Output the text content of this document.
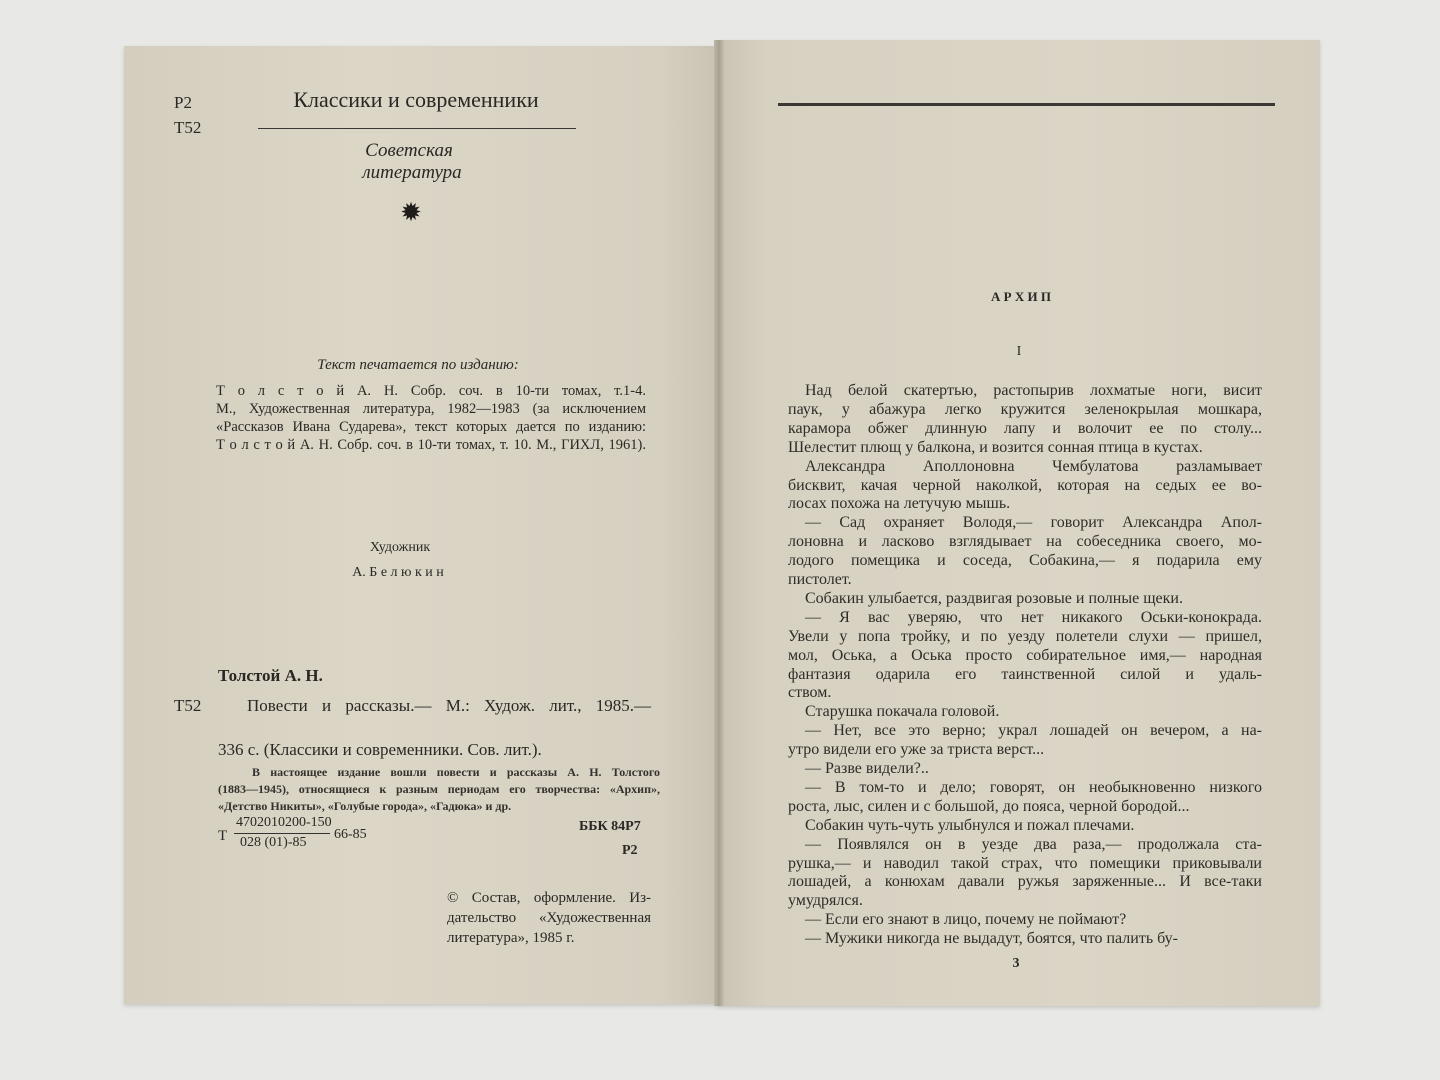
Р2
Т52
Классики и современники
Советская
литература
✹
Текст печатается по изданию:
Т о л с т о й А. Н. Собр. соч. в 10-ти томах, т.1-4.
М., Художественная литература, 1982—1983 (за исключением
«Рассказов Ивана Сударева», текст которых дается по изданию:
Т о л с т о й А. Н. Собр. соч. в 10-ти томах, т. 10. М., ГИХЛ, 1961).
Художник
А. Б е л ю к и н
Толстой А. Н.
Т52	Повести и рассказы.— М.: Худож. лит., 1985.—
336 с. (Классики и современники. Сов. лит.).
В настоящее издание вошли повести и рассказы А. Н. Толстого
(1883—1945), относящиеся к разным периодам его творчества: «Архип»,
«Детство Никиты», «Голубые города», «Гадюка» и др.
Т
4702010200-150
028 (01)-85
66-85
ББК 84Р7
Р2
© Состав, оформление. Из-
дательство «Художественная
литература», 1985 г.
А Р Х И П
I
Над белой скатертью, растопырив лохматые ноги, висит
паук, у абажура легко кружится зеленокрылая мошкара,
карамора обжег длинную лапу и волочит ее по столу...
Шелестит плющ у балкона, и возится сонная птица в кустах.
Александра Аполлоновна Чембулатова разламывает
бисквит, качая черной наколкой, которая на седых ее во-
лосах похожа на летучую мышь.
— Сад охраняет Володя,— говорит Александра Апол-
лоновна и ласково взглядывает на собеседника своего, мо-
лодого помещика и соседа, Собакина,— я подарила ему
пистолет.
Собакин улыбается, раздвигая розовые и полные щеки.
— Я вас уверяю, что нет никакого Оськи-конокрада.
Увели у попа тройку, и по уезду полетели слухи — пришел,
мол, Оська, а Оська просто собирательное имя,— народная
фантазия одарила его таинственной силой и удаль-
ством.
Старушка покачала головой.
— Нет, все это верно; украл лошадей он вечером, а на-
утро видели его уже за триста верст...
— Разве видели?..
— В том-то и дело; говорят, он необыкновенно низкого
роста, лыс, силен и с большой, до пояса, черной бородой...
Собакин чуть-чуть улыбнулся и пожал плечами.
— Появлялся он в уезде два раза,— продолжала ста-
рушка,— и наводил такой страх, что помещики приковывали
лошадей, а конюхам давали ружья заряженные... И все-таки
умудрялся.
— Если его знают в лицо, почему не поймают?
— Мужики никогда не выдадут, боятся, что палить бу-
3
